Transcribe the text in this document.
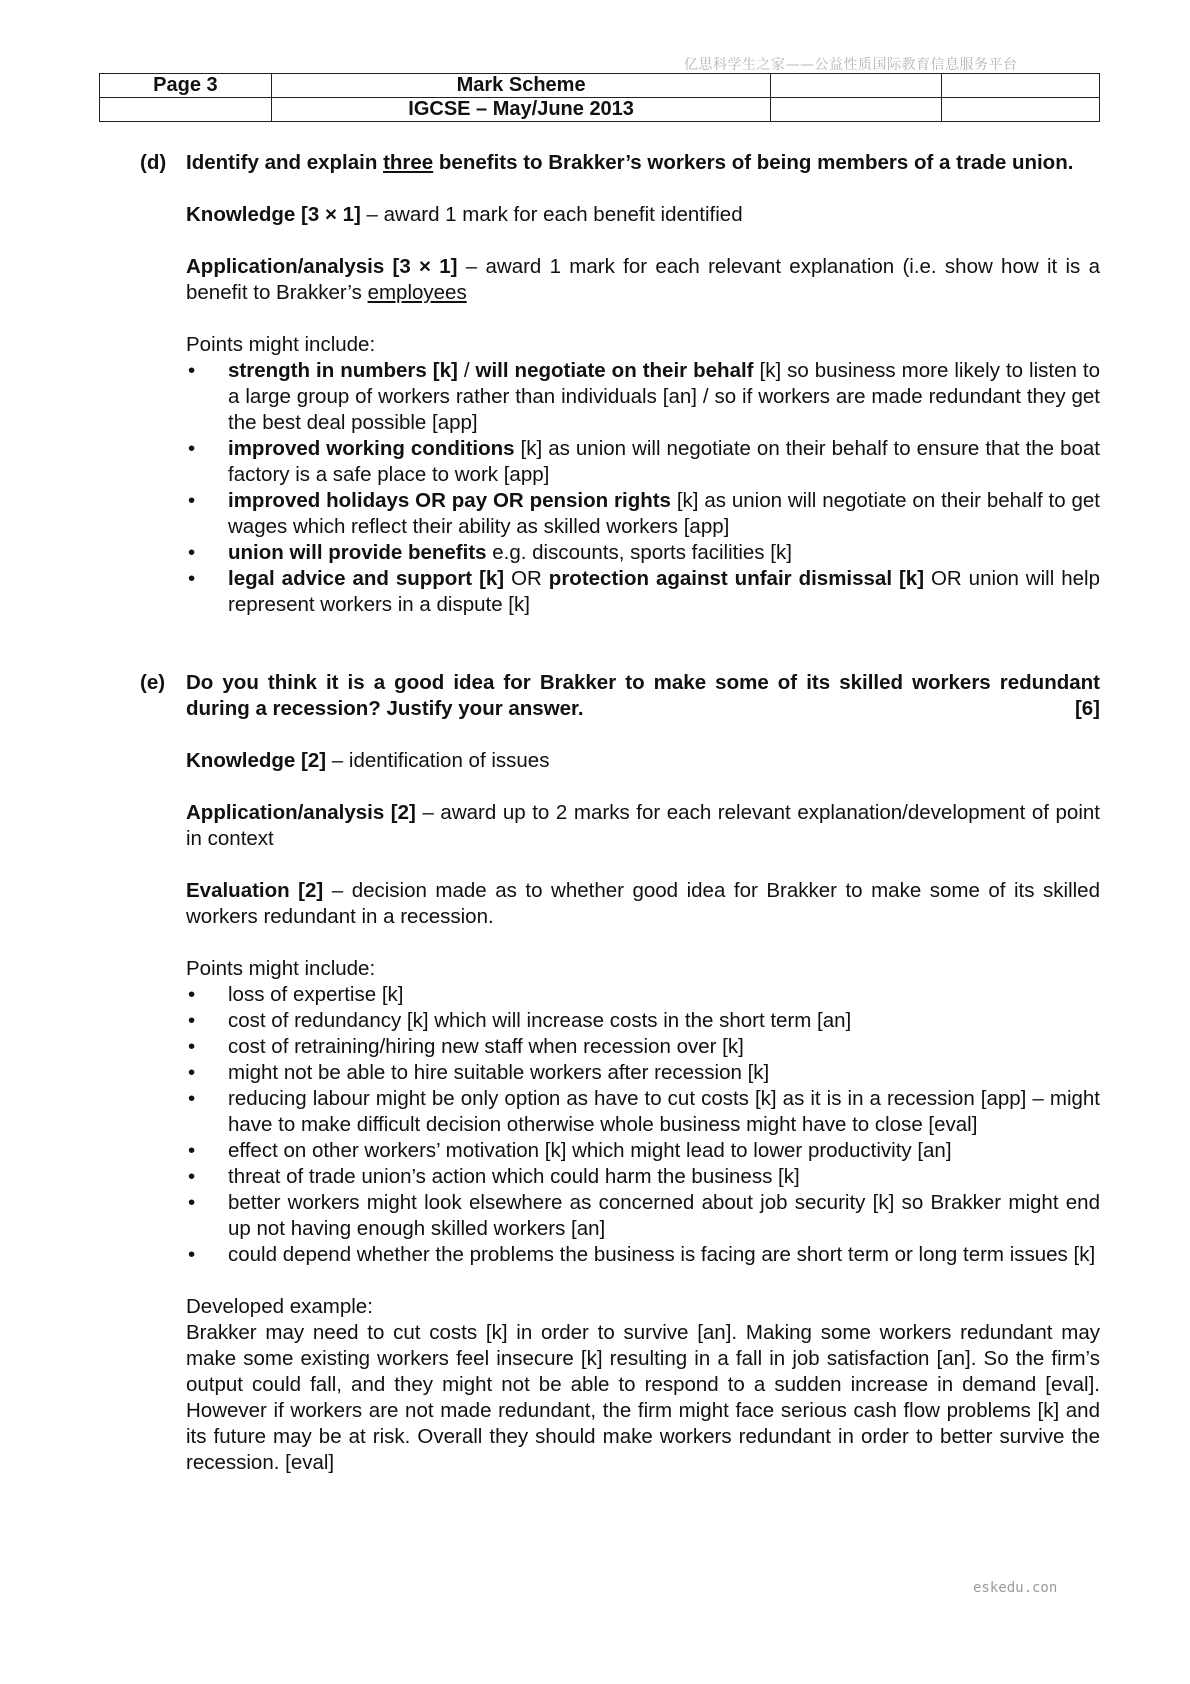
亿思科学生之家——公益性质国际教育信息服务平台
Page 3	Mark Scheme		
	IGCSE – May/June 2013		
(d) Identify and explain three benefits to Brakker’s workers of being members of a trade union.
Knowledge [3 × 1] – award 1 mark for each benefit identified
Application/analysis [3 × 1] – award 1 mark for each relevant explanation (i.e. show how it is a benefit to Brakker’s employees
Points might include:
• strength in numbers [k] / will negotiate on their behalf [k] so business more likely to listen to a large group of workers rather than individuals [an] / so if workers are made redundant they get the best deal possible [app]
• improved working conditions [k] as union will negotiate on their behalf to ensure that the boat factory is a safe place to work [app]
• improved holidays OR pay OR pension rights [k] as union will negotiate on their behalf to get wages which reflect their ability as skilled workers [app]
• union will provide benefits e.g. discounts, sports facilities [k]
• legal advice and support [k] OR protection against unfair dismissal [k] OR union will help represent workers in a dispute [k]
(e)	Do you think it is a good idea for Brakker to make some of its skilled workers redundant during a recession? Justify your answer.	[6]
Knowledge [2] – identification of issues
Application/analysis [2] – award up to 2 marks for each relevant explanation/development of point in context
Evaluation [2] – decision made as to whether good idea for Brakker to make some of its skilled workers redundant in a recession.
Points might include:
• loss of expertise [k]
• cost of redundancy [k] which will increase costs in the short term [an]
• cost of retraining/hiring new staff when recession over [k]
• might not be able to hire suitable workers after recession [k]
• reducing labour might be only option as have to cut costs [k] as it is in a recession [app] – might have to make difficult decision otherwise whole business might have to close [eval]
• effect on other workers’ motivation [k] which might lead to lower productivity [an]
• threat of trade union’s action which could harm the business [k]
• better workers might look elsewhere as concerned about job security [k] so Brakker might end up not having enough skilled workers [an]
• could depend whether the problems the business is facing are short term or long term issues [k]
Developed example:
Brakker may need to cut costs [k] in order to survive [an]. Making some workers redundant may make some existing workers feel insecure [k] resulting in a fall in job satisfaction [an]. So the firm’s output could fall, and they might not be able to respond to a sudden increase in demand [eval]. However if workers are not made redundant, the firm might face serious cash flow problems [k] and its future may be at risk. Overall they should make workers redundant in order to better survive the recession. [eval]
eskedu.con
